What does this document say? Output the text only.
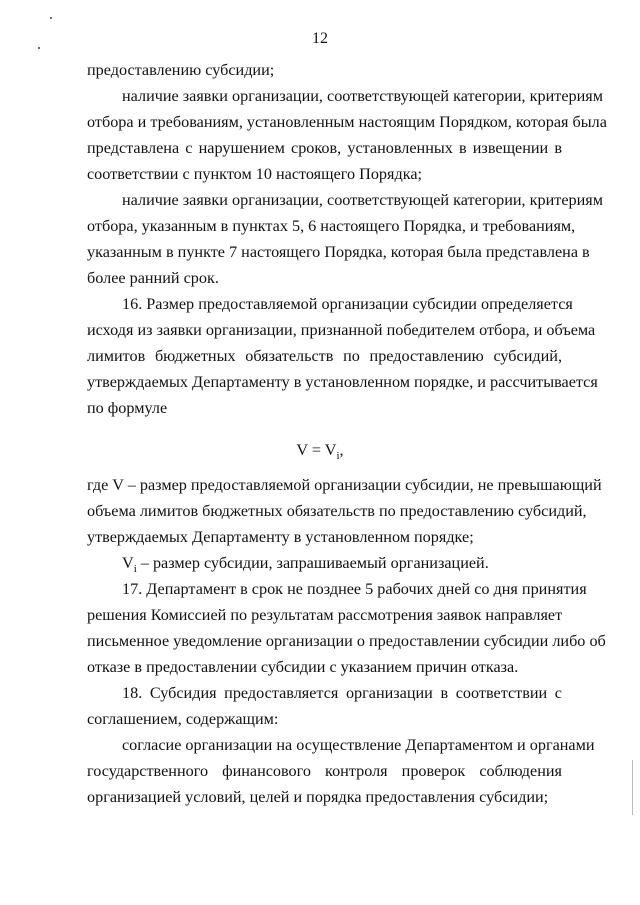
12
предоставлению субсидии;
наличие заявки организации, соответствующей категории, критериям
отбора и требованиям, установленным настоящим Порядком, которая была
представлена с нарушением сроков, установленных в извещении в
соответствии с пунктом 10 настоящего Порядка;
наличие заявки организации, соответствующей категории, критериям
отбора, указанным в пунктах 5, 6 настоящего Порядка, и требованиям,
указанным в пункте 7 настоящего Порядка, которая была представлена в
более ранний срок.
16. Размер предоставляемой организации субсидии определяется
исходя из заявки организации, признанной победителем отбора, и объема
лимитов бюджетных обязательств по предоставлению субсидий,
утверждаемых Департаменту в установленном порядке, и рассчитывается
по формуле
$V = V_i$,
где V – размер предоставляемой организации субсидии, не превышающий
объема лимитов бюджетных обязательств по предоставлению субсидий,
утверждаемых Департаменту в установленном порядке;
$V_i$ – размер субсидии, запрашиваемый организацией.
17. Департамент в срок не позднее 5 рабочих дней со дня принятия
решения Комиссией по результатам рассмотрения заявок направляет
письменное уведомление организации о предоставлении субсидии либо об
отказе в предоставлении субсидии с указанием причин отказа.
18. Субсидия предоставляется организации в соответствии с
соглашением, содержащим:
согласие организации на осуществление Департаментом и органами
государственного финансового контроля проверок соблюдения
организацией условий, целей и порядка предоставления субсидии;
